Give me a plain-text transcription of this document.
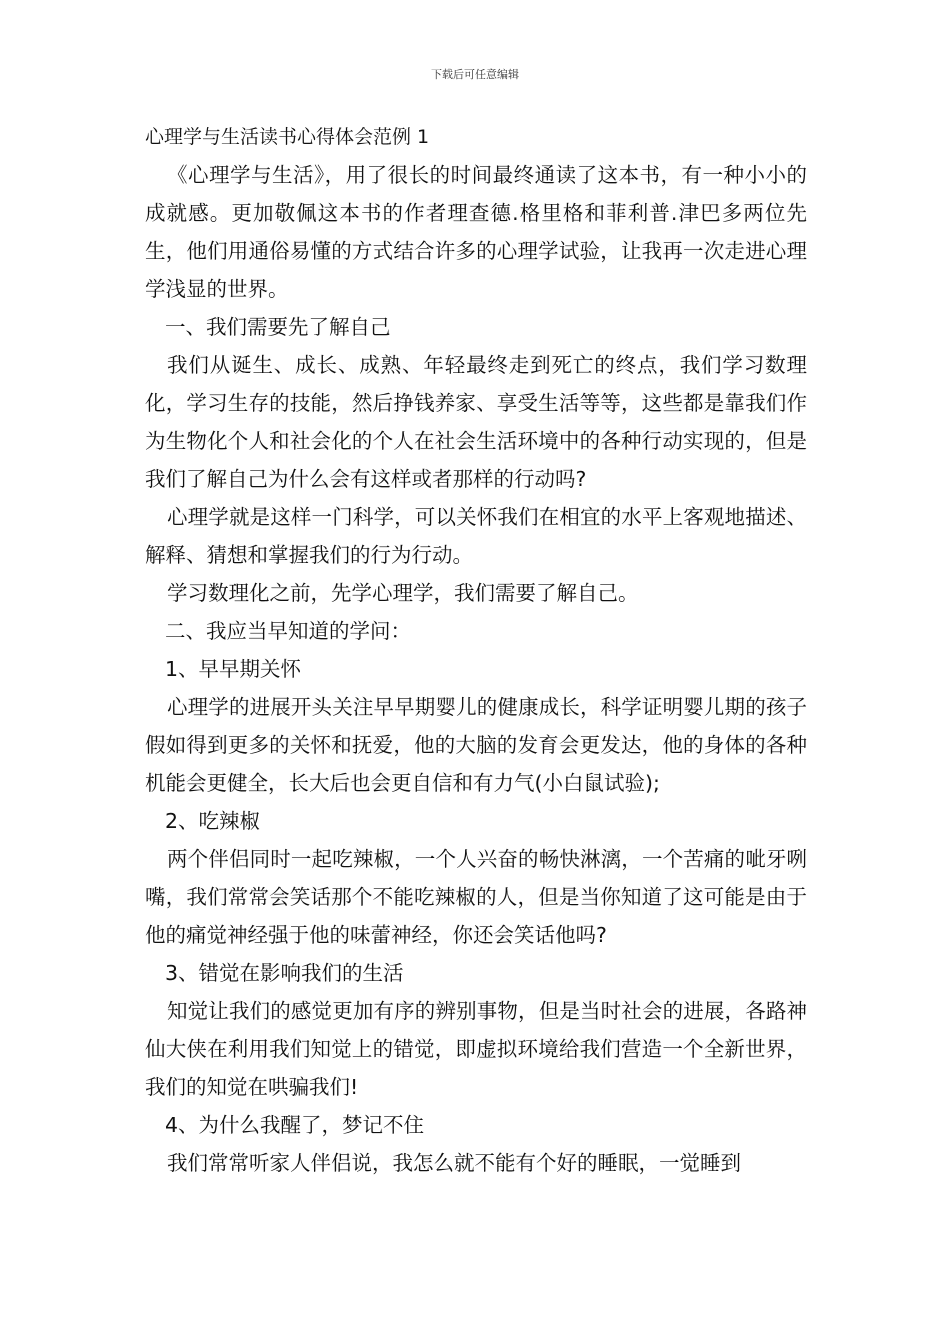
下载后可任意编辑

心理学与生活读书心得体会范例 1

《心理学与生活》，用了很长的时间最终通读了这本书，有一种小小的成就感。更加敬佩这本书的作者理查德.格里格和菲利普.津巴多两位先生，他们用通俗易懂的方式结合许多的心理学试验，让我再一次走进心理学浅显的世界。

一、我们需要先了解自己

我们从诞生、成长、成熟、年轻最终走到死亡的终点，我们学习数理化，学习生存的技能，然后挣钱养家、享受生活等等，这些都是靠我们作为生物化个人和社会化的个人在社会生活环境中的各种行动实现的，但是我们了解自己为什么会有这样或者那样的行动吗?

心理学就是这样一门科学，可以关怀我们在相宜的水平上客观地描述、解释、猜想和掌握我们的行为行动。

学习数理化之前，先学心理学，我们需要了解自己。

二、我应当早知道的学问：

1、早早期关怀

心理学的进展开头关注早早期婴儿的健康成长，科学证明婴儿期的孩子假如得到更多的关怀和抚爱，他的大脑的发育会更发达，他的身体的各种机能会更健全，长大后也会更自信和有力气(小白鼠试验);

2、吃辣椒

两个伴侣同时一起吃辣椒，一个人兴奋的畅快淋漓，一个苦痛的呲牙咧嘴，我们常常会笑话那个不能吃辣椒的人，但是当你知道了这可能是由于他的痛觉神经强于他的味蕾神经，你还会笑话他吗?

3、错觉在影响我们的生活

知觉让我们的感觉更加有序的辨别事物，但是当时社会的进展，各路神仙大侠在利用我们知觉上的错觉，即虚拟环境给我们营造一个全新世界，我们的知觉在哄骗我们!

4、为什么我醒了，梦记不住

我们常常听家人伴侣说，我怎么就不能有个好的睡眠，一觉睡到
